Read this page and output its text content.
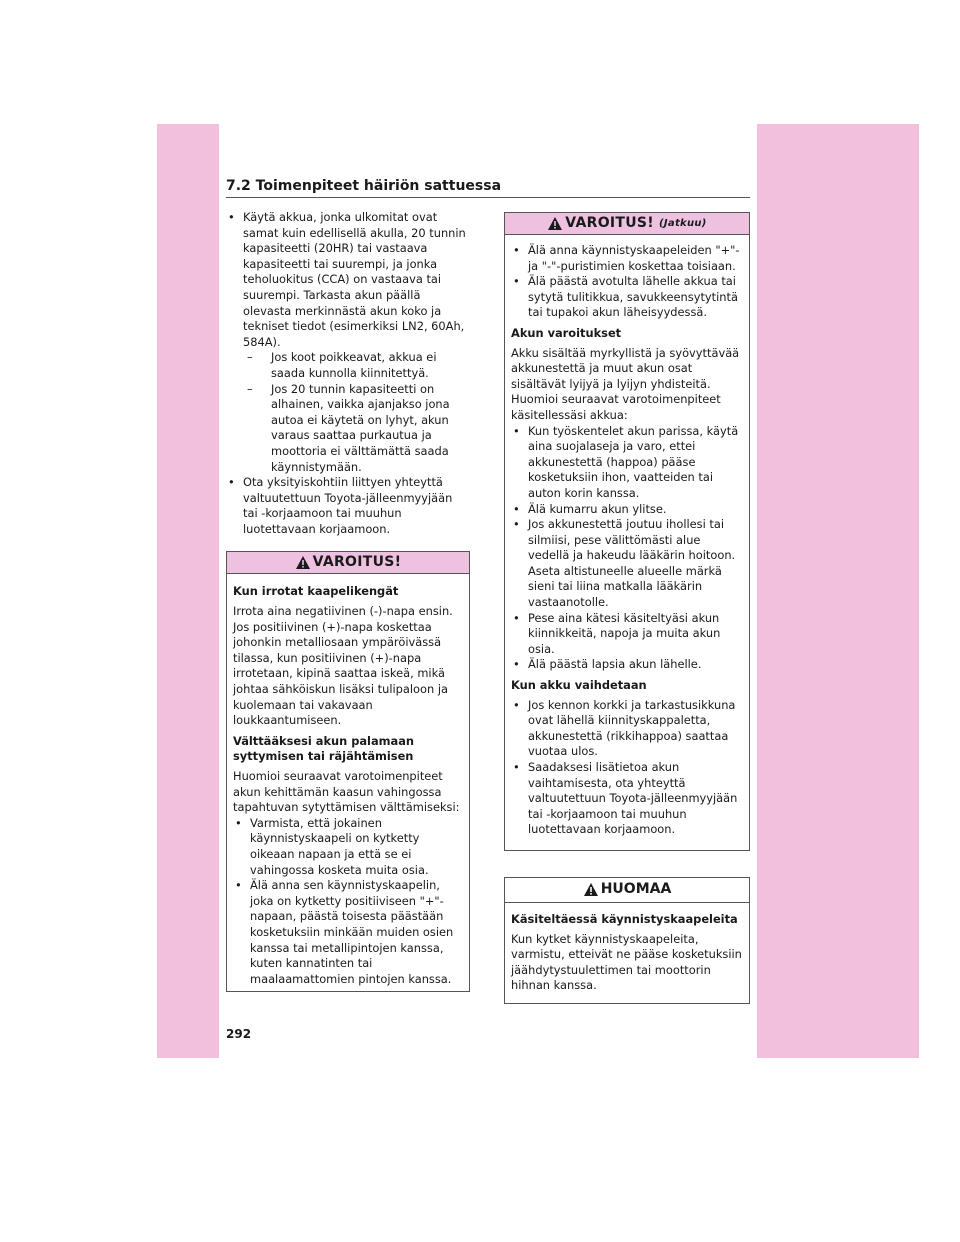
7.2 Toimenpiteet häiriön sattuessa
• Käytä akkua, jonka ulkomitat ovat samat kuin edellisellä akulla, 20 tunnin kapasiteetti (20HR) tai vastaava kapasiteetti tai suurempi, ja jonka teholuokitus (CCA) on vastaava tai suurempi. Tarkasta akun päällä olevasta merkinnästä akun koko ja tekniset tiedot (esimerkiksi LN2, 60Ah, 584A).
– Jos koot poikkeavat, akkua ei saada kunnolla kiinnitettyä.
– Jos 20 tunnin kapasiteetti on alhainen, vaikka ajanjakso jona autoa ei käytetä on lyhyt, akun varaus saattaa purkautua ja moottoria ei välttämättä saada käynnistymään.
• Ota yksityiskohtiin liittyen yhteyttä valtuutettuun Toyota-jälleenmyyjään tai -korjaamoon tai muuhun luotettavaan korjaamoon.
VAROITUS!

Kun irrotat kaapelikengät

Irrota aina negatiivinen (-)-napa ensin. Jos positiivinen (+)-napa koskettaa johonkin metalliosaan ympäröivässä tilassa, kun positiivinen (+)-napa irrotetaan, kipinä saattaa iskeä, mikä johtaa sähköiskun lisäksi tulipaloon ja kuolemaan tai vakavaan loukkaantumiseen.

Välttääksesi akun palamaan syttymisen tai räjähtämisen

Huomioi seuraavat varotoimenpiteet akun kehittämän kaasun vahingossa tapahtuvan sytyttämisen välttämiseksi:

• Varmista, että jokainen käynnistyskaapeli on kytketty oikeaan napaan ja että se ei vahingossa kosketa muita osia.
• Älä anna sen käynnistyskaapelin, joka on kytketty positiiviseen "+"-napaan, päästä toisesta päästään kosketuksiin minkään muiden osien kanssa tai metallipintojen kanssa, kuten kannatinten tai maalaamattomien pintojen kanssa.
VAROITUS! (Jatkuu)
• Älä anna käynnistyskaapeleiden "+"- ja "-"-puristimien koskettaa toisiaan.
• Älä päästä avotulta lähelle akkua tai sytytä tulitikkua, savukkeensytytintä tai tupakoi akun läheisyydessä.

Akun varoitukset

Akku sisältää myrkyllistä ja syövyttävää akkunestettä ja muut akun osat sisältävät lyijyä ja lyijyn yhdisteitä. Huomioi seuraavat varotoimenpiteet käsitellessäsi akkua:

• Kun työskentelet akun parissa, käytä aina suojalaseja ja varo, ettei akkunestettä (happoa) pääse kosketuksiin ihon, vaatteiden tai auton korin kanssa.
• Älä kumarru akun ylitse.
• Jos akkunestettä joutuu ihollesi tai silmiisi, pese välittömästi alue vedellä ja hakeudu lääkärin hoitoon. Aseta altistuneelle alueelle märkä sieni tai liina matkalla lääkärin vastaanotolle.
• Pese aina kätesi käsiteltyäsi akun kiinnikkeitä, napoja ja muita akun osia.
• Älä päästä lapsia akun lähelle.

Kun akku vaihdetaan

• Jos kennon korkki ja tarkastusikkuna ovat lähellä kiinnityskappaletta, akkunestettä (rikkihappoa) saattaa vuotaa ulos.
• Saadaksesi lisätietoa akun vaihtamisesta, ota yhteyttä valtuutettuun Toyota-jälleenmyyjään tai -korjaamoon tai muuhun luotettavaan korjaamoon.
HUOMAA

Käsiteltäessä käynnistyskaapeleita

Kun kytket käynnistyskaapeleita, varmistu, etteivät ne pääse kosketuksiin jäähdytystuulettimen tai moottorin hihnan kanssa.

292
